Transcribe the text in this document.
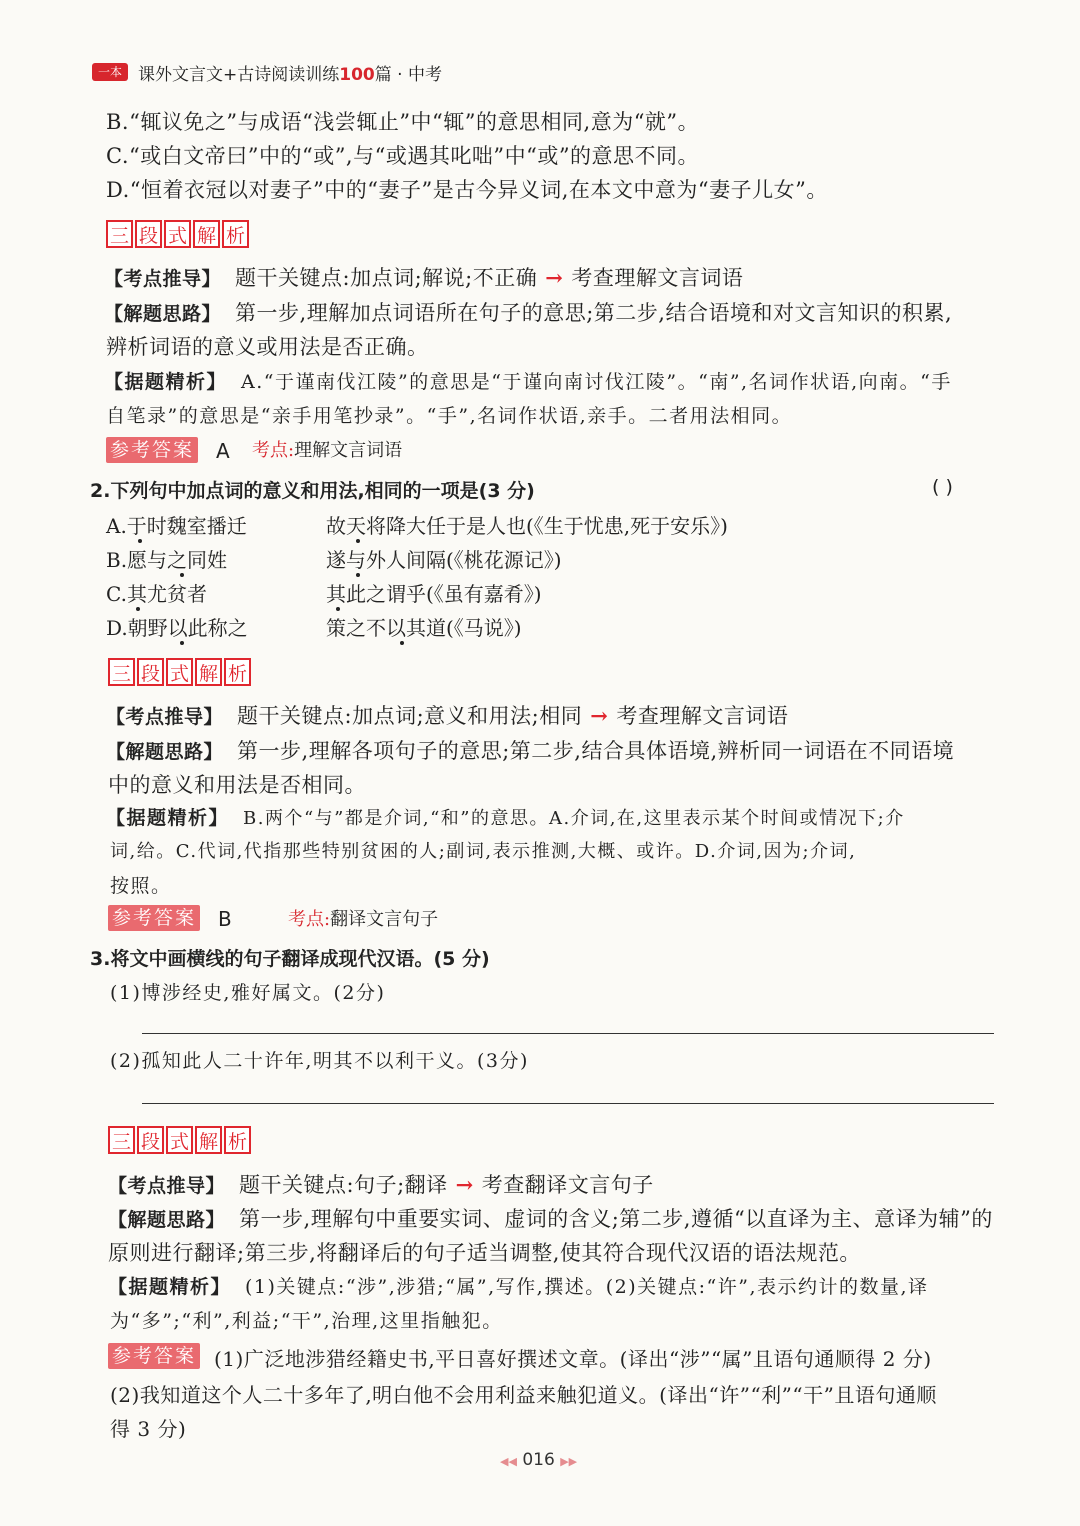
一本 课外文言文+古诗阅读训练100篇 · 中考
B.“辄议免之”与成语“浅尝辄止”中“辄”的意思相同,意为“就”。
C.“或白文帝曰”中的“或”,与“或遇其叱咄”中“或”的意思不同。
D.“恒着衣冠以对妻子”中的“妻子”是古今异义词,在本文中意为“妻子儿女”。
三 段 式 解 析
【考点推导】 题干关键点:加点词;解说;不正确 → 考查理解文言词语
【解题思路】 第一步,理解加点词语所在句子的意思;第二步,结合语境和对文言知识的积累,
辨析词语的意义或用法是否正确。
【据题精析】 A.“于谨南伐江陵”的意思是“于谨向南讨伐江陵”。“南”,名词作状语,向南。“手
自笔录”的意思是“亲手用笔抄录”。“手”,名词作状语,亲手。二者用法相同。
参考答案 A 考点:理解文言词语
2.下列句中加点词的意义和用法,相同的一项是(3 分)	( )
A.于时魏室播迁	故天将降大任于是人也(《生于忧患,死于安乐》)
B.愿与之同姓	遂与外人间隔(《桃花源记》)
C.其尤贫者	其此之谓乎(《虽有嘉肴》)
D.朝野以此称之	策之不以其道(《马说》)
三 段 式 解 析
【考点推导】 题干关键点:加点词;意义和用法;相同 → 考查理解文言词语
【解题思路】 第一步,理解各项句子的意思;第二步,结合具体语境,辨析同一词语在不同语境
中的意义和用法是否相同。
【据题精析】 B.两个“与”都是介词,“和”的意思。A.介词,在,这里表示某个时间或情况下;介
词,给。C.代词,代指那些特别贫困的人;副词,表示推测,大概、或许。D.介词,因为;介词,
按照。
参考答案 B	考点:翻译文言句子
3.将文中画横线的句子翻译成现代汉语。(5 分)
(1)博涉经史,雅好属文。(2分)
(2)孤知此人二十许年,明其不以利干义。(3分)
三 段 式 解 析
【考点推导】 题干关键点:句子;翻译 → 考查翻译文言句子
【解题思路】 第一步,理解句中重要实词、虚词的含义;第二步,遵循“以直译为主、意译为辅”的
原则进行翻译;第三步,将翻译后的句子适当调整,使其符合现代汉语的语法规范。
【据题精析】 (1)关键点:“涉”,涉猎;“属”,写作,撰述。(2)关键点:“许”,表示约计的数量,译
为“多”;“利”,利益;“干”,治理,这里指触犯。
参考答案 (1)广泛地涉猎经籍史书,平日喜好撰述文章。(译出“涉”“属”且语句通顺得 2 分)
(2)我知道这个人二十多年了,明白他不会用利益来触犯道义。(译出“许”“利”“干”且语句通顺
得 3 分)
◀◀ 016 ▶▶
